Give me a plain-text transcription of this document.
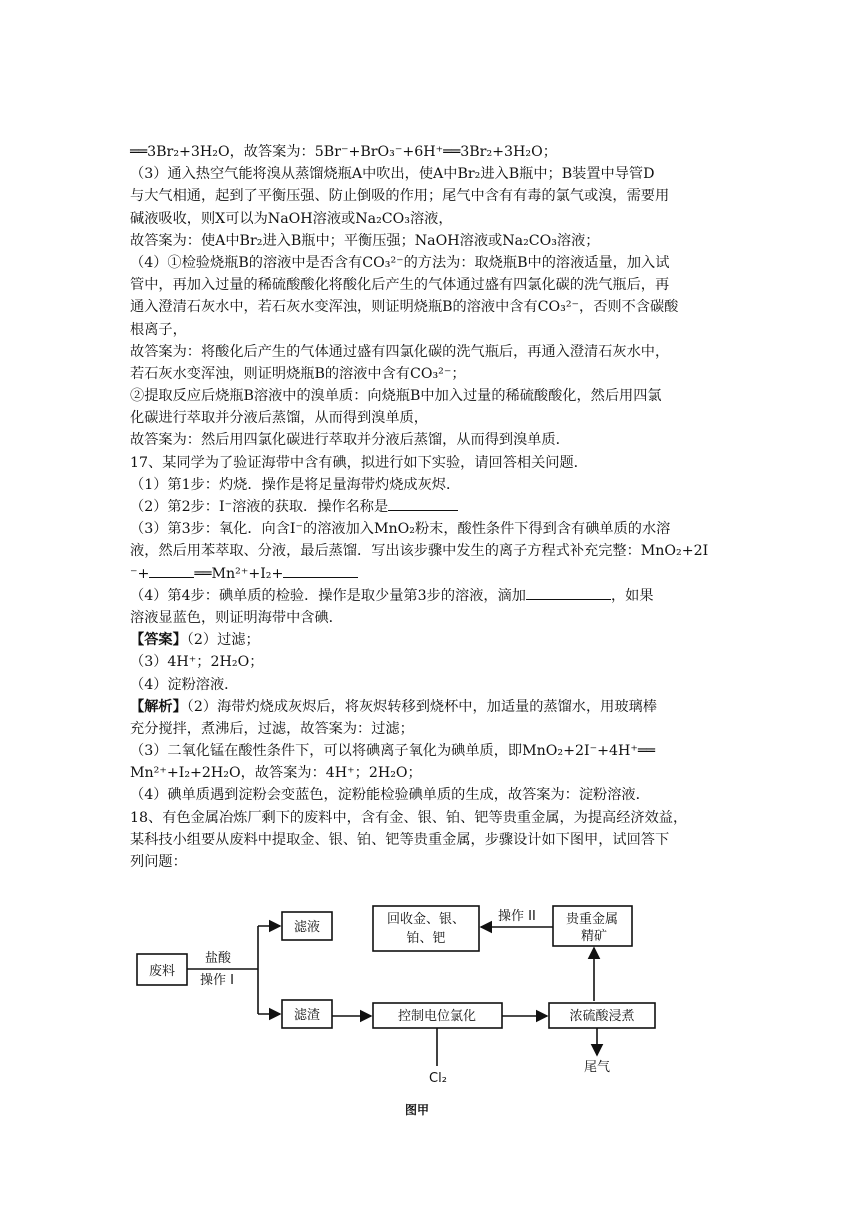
══3Br₂+3H₂O，故答案为：5Br⁻+BrO₃⁻+6H⁺══3Br₂+3H₂O；
（3）通入热空气能将溴从蒸馏烧瓶A中吹出，使A中Br₂进入B瓶中；B装置中导管D
与大气相通，起到了平衡压强、防止倒吸的作用；尾气中含有有毒的氯气或溴，需要用
碱液吸收，则X可以为NaOH溶液或Na₂CO₃溶液，
故答案为：使A中Br₂进入B瓶中；平衡压强；NaOH溶液或Na₂CO₃溶液；
（4）①检验烧瓶B的溶液中是否含有CO₃²⁻的方法为：取烧瓶B中的溶液适量，加入试
管中，再加入过量的稀硫酸酸化将酸化后产生的气体通过盛有四氯化碳的洗气瓶后，再
通入澄清石灰水中，若石灰水变浑浊，则证明烧瓶B的溶液中含有CO₃²⁻，否则不含碳酸
根离子，
故答案为：将酸化后产生的气体通过盛有四氯化碳的洗气瓶后，再通入澄清石灰水中，
若石灰水变浑浊，则证明烧瓶B的溶液中含有CO₃²⁻；
②提取反应后烧瓶B溶液中的溴单质：向烧瓶B中加入过量的稀硫酸酸化，然后用四氯
化碳进行萃取并分液后蒸馏，从而得到溴单质，
故答案为：然后用四氯化碳进行萃取并分液后蒸馏，从而得到溴单质．
17、某同学为了验证海带中含有碘，拟进行如下实验，请回答相关问题．
（1）第1步：灼烧．操作是将足量海带灼烧成灰烬．
（2）第2步：I⁻溶液的获取．操作名称是
（3）第3步：氧化．向含I⁻的溶液加入MnO₂粉末，酸性条件下得到含有碘单质的水溶
液，然后用苯萃取、分液，最后蒸馏．写出该步骤中发生的离子方程式补充完整：MnO₂+2I
⁻+	══Mn²⁺+I₂+
（4）第4步：碘单质的检验．操作是取少量第3步的溶液，滴加	，如果
溶液显蓝色，则证明海带中含碘．
【答案】（2）过滤；
（3）4H⁺；2H₂O；
（4）淀粉溶液．
【解析】（2）海带灼烧成灰烬后，将灰烬转移到烧杯中，加适量的蒸馏水，用玻璃棒
充分搅拌，煮沸后，过滤，故答案为：过滤；
（3）二氧化锰在酸性条件下，可以将碘离子氧化为碘单质，即MnO₂+2I⁻+4H⁺══
Mn²⁺+I₂+2H₂O，故答案为：4H⁺；2H₂O；
（4）碘单质遇到淀粉会变蓝色，淀粉能检验碘单质的生成，故答案为：淀粉溶液．
18、有色金属冶炼厂剩下的废料中，含有金、银、铂、钯等贵重金属，为提高经济效益，
某科技小组要从废料中提取金、银、铂、钯等贵重金属，步骤设计如下图甲，试回答下
列问题：
废料
盐酸
操作 I
滤液
滤渣
回收金、银、
铂、钯
操作 II 贵重金属
精矿
控制电位氯化	浓硫酸浸煮
Cl₂
尾气
图甲
